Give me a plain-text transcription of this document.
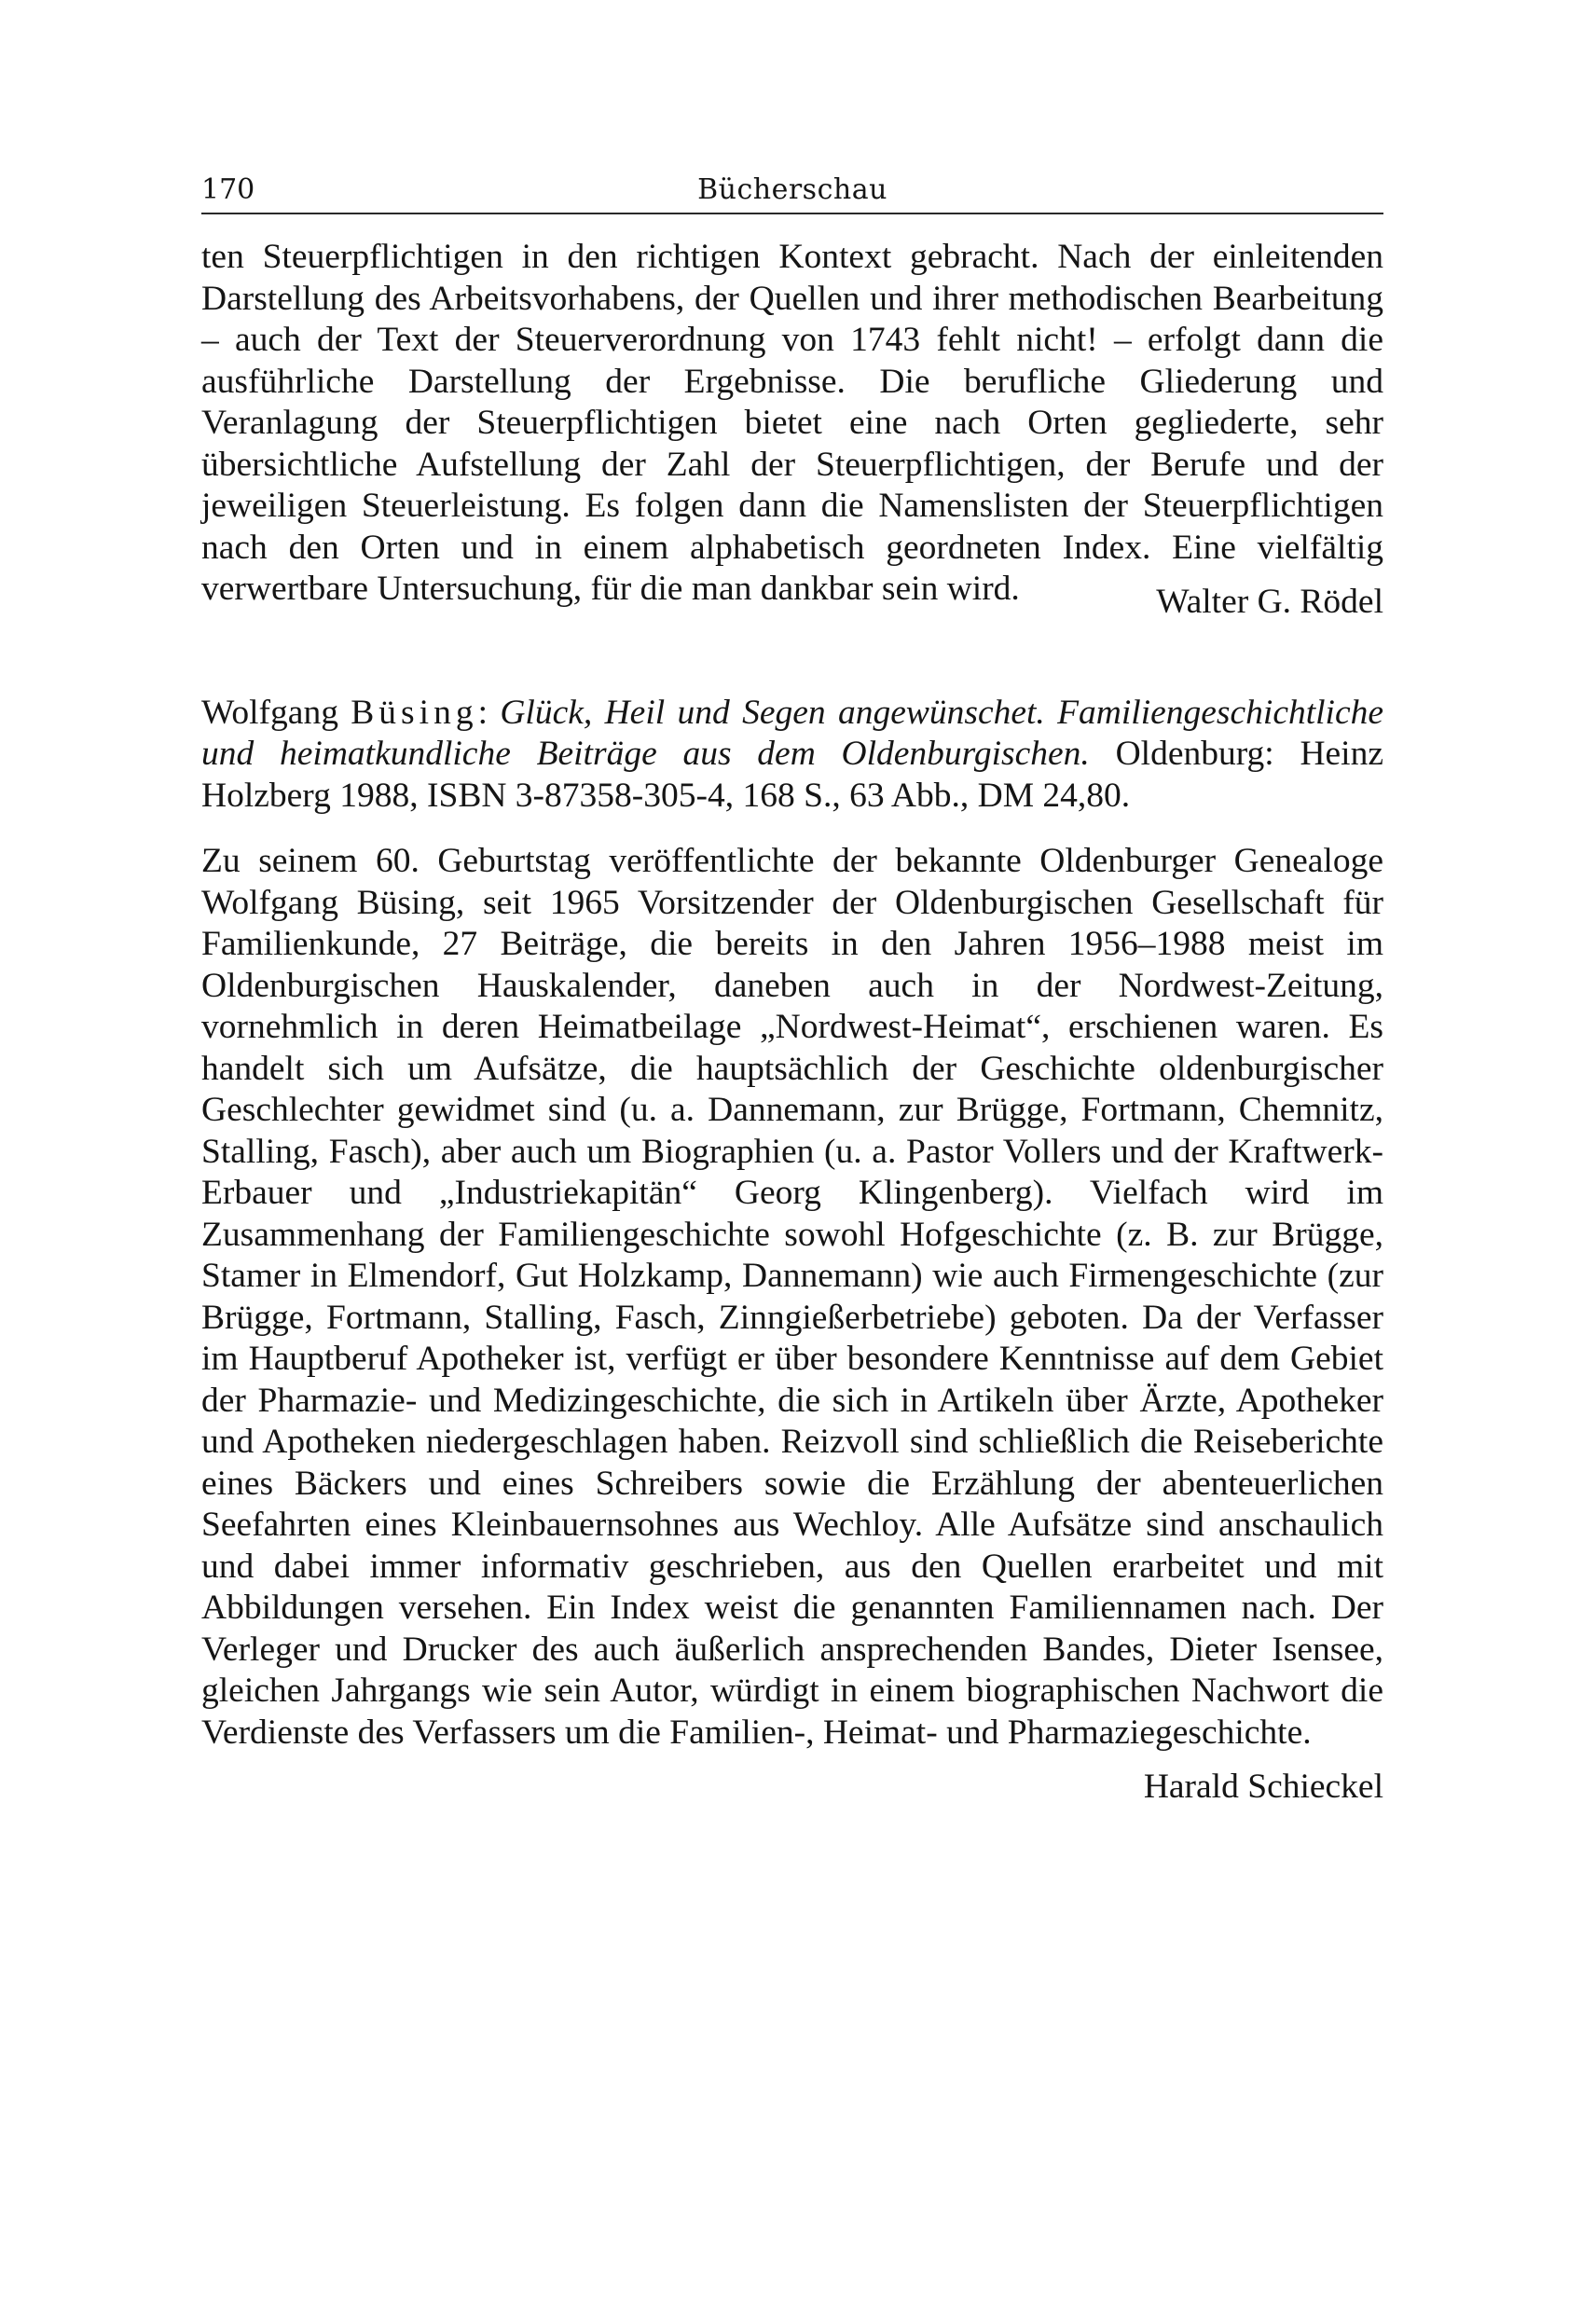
170	Bücherschau

ten Steuerpflichtigen in den richtigen Kontext gebracht. Nach der einleitenden Darstellung des Arbeitsvorhabens, der Quellen und ihrer methodischen Bearbeitung – auch der Text der Steuerverordnung von 1743 fehlt nicht! – erfolgt dann die ausführliche Darstellung der Ergebnisse. Die berufliche Gliederung und Veranlagung der Steuerpflichtigen bietet eine nach Orten gegliederte, sehr übersichtliche Aufstellung der Zahl der Steuerpflichtigen, der Berufe und der jeweiligen Steuerleistung. Es folgen dann die Namenslisten der Steuerpflichtigen nach den Orten und in einem alphabetisch geordneten Index. Eine vielfältig verwertbare Untersuchung, für die man dankbar sein wird.	Walter G. Rödel

Wolfgang Büsing: Glück, Heil und Segen angewünschet. Familiengeschichtliche und heimatkundliche Beiträge aus dem Oldenburgischen. Oldenburg: Heinz Holzberg 1988, ISBN 3-87358-305-4, 168 S., 63 Abb., DM 24,80.

Zu seinem 60. Geburtstag veröffentlichte der bekannte Oldenburger Genealoge Wolfgang Büsing, seit 1965 Vorsitzender der Oldenburgischen Gesellschaft für Familienkunde, 27 Beiträge, die bereits in den Jahren 1956–1988 meist im Oldenburgischen Hauskalender, daneben auch in der Nordwest-Zeitung, vornehmlich in deren Heimatbeilage „Nordwest-Heimat“, erschienen waren. Es handelt sich um Aufsätze, die hauptsächlich der Geschichte oldenburgischer Geschlechter gewidmet sind (u. a. Dannemann, zur Brügge, Fortmann, Chemnitz, Stalling, Fasch), aber auch um Biographien (u. a. Pastor Vollers und der Kraftwerk-Erbauer und „Industriekapitän“ Georg Klingenberg). Vielfach wird im Zusammenhang der Familiengeschichte sowohl Hofgeschichte (z. B. zur Brügge, Stamer in Elmendorf, Gut Holzkamp, Dannemann) wie auch Firmengeschichte (zur Brügge, Fortmann, Stalling, Fasch, Zinngießerbetriebe) geboten. Da der Verfasser im Hauptberuf Apotheker ist, verfügt er über besondere Kenntnisse auf dem Gebiet der Pharmazie- und Medizingeschichte, die sich in Artikeln über Ärzte, Apotheker und Apotheken niedergeschlagen haben. Reizvoll sind schließlich die Reiseberichte eines Bäckers und eines Schreibers sowie die Erzählung der abenteuerlichen Seefahrten eines Kleinbauernsohnes aus Wechloy. Alle Aufsätze sind anschaulich und dabei immer informativ geschrieben, aus den Quellen erarbeitet und mit Abbildungen versehen. Ein Index weist die genannten Familiennamen nach. Der Verleger und Drucker des auch äußerlich ansprechenden Bandes, Dieter Isensee, gleichen Jahrgangs wie sein Autor, würdigt in einem biographischen Nachwort die Verdienste des Verfassers um die Familien-, Heimat- und Pharmaziegeschichte.
Harald Schieckel
